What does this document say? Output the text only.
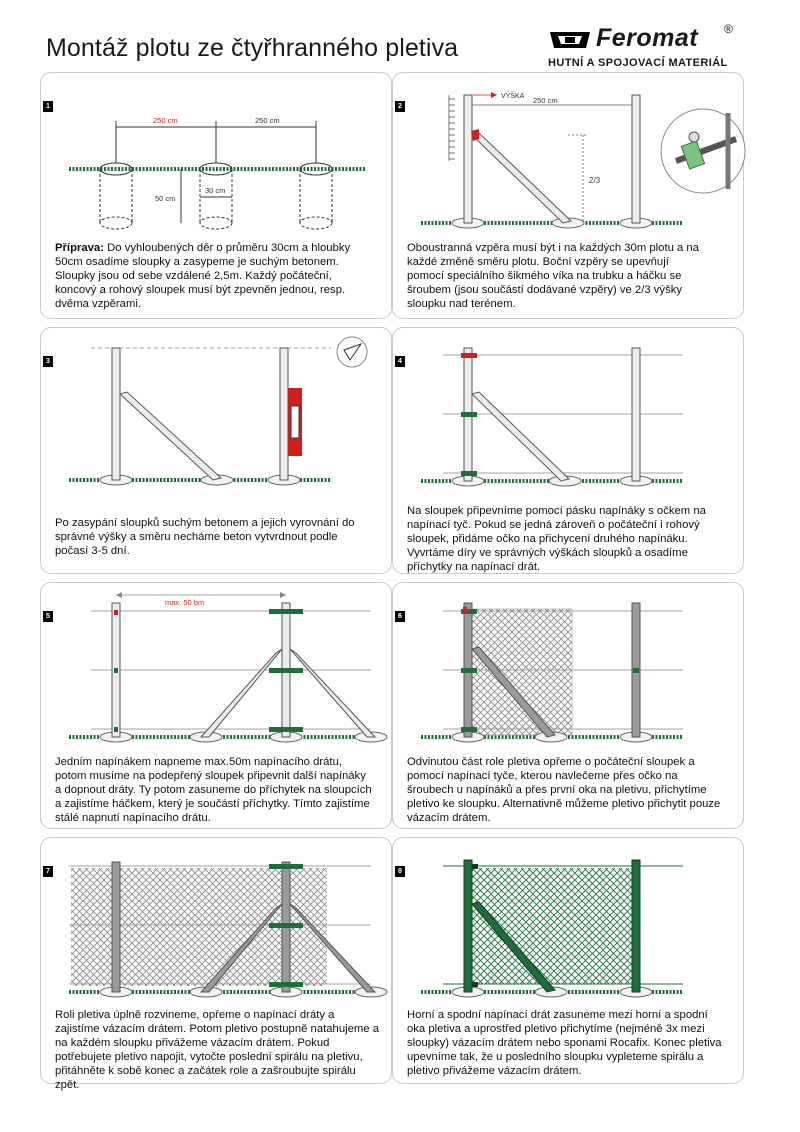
Montáž plotu ze čtyřhranného pletiva	Feromat ®
HUTNÍ A SPOJOVACÍ MATERIÁL
1
250 cm	250 cm
30 cm
50 cm
Příprava: Do vyhloubených děr o průměru 30cm a hloubky 50cm osadíme sloupky a zasypeme je suchým betonem. Sloupky jsou od sebe vzdálené 2,5m. Každý počáteční, koncový a rohový sloupek musí být zpevněn jednou, resp. dvěma vzpěrami.
2
VÝŠKA 250 cm
2/3
Oboustranná vzpěra musí být i na každých 30m plotu a na každé změně směru plotu. Boční vzpěry se upevňují pomocí speciálního šikmého víka na trubku a háčku se šroubem (jsou součástí dodávané vzpěry) ve 2/3 výšky sloupku nad terénem.
3
Po zasypání sloupků suchým betonem a jejich vyrovnání do správné výšky a směru necháme beton vytvrdnout podle počasí 3-5 dní.
4
Na sloupek připevníme pomocí pásku napínáky s očkem na napínací tyč. Pokud se jedná zároveň o počáteční i rohový sloupek, přidáme očko na přichycení druhého napínáku. Vyvrtáme díry ve správných výškách sloupků a osadíme příchytky na napínací drát.
5
max. 50 bm
Jedním napínákem napneme max.50m napínacího drátu, potom musíme na podepřený sloupek připevnit další napínáky a dopnout dráty. Ty potom zasuneme do příchytek na sloupcích a zajistíme háčkem, který je součástí příchytky. Tímto zajistíme stálé napnutí napínacího drátu.
6
Odvinutou část role pletiva opřeme o počáteční sloupek a pomocí napínací tyče, kterou navlečeme přes očko na šroubech u napínáků a přes první oka na pletivu, přichytíme pletivo ke sloupku. Alternativně můžeme pletivo přichytit pouze vázacím drátem.
7
Roli pletiva úplně rozvineme, opřeme o napínací dráty a zajistíme vázacím drátem. Potom pletivo postupně natahujeme a na každém sloupku přivážeme vázacím drátem. Pokud potřebujete pletivo napojit, vytočte poslední spirálu na pletivu, přitáhněte k sobě konec a začátek role a zašroubujte spirálu zpět.
8
Horní a spodní napínací drát zasuneme mezi horní a spodní oka pletiva a uprostřed pletivo přichytíme (nejméně 3x mezi sloupky) vázacím drátem nebo sponami Rocafix. Konec pletiva upevníme tak, že u posledního sloupku vypleteme spirálu a pletivo přivážeme vázacím drátem.
